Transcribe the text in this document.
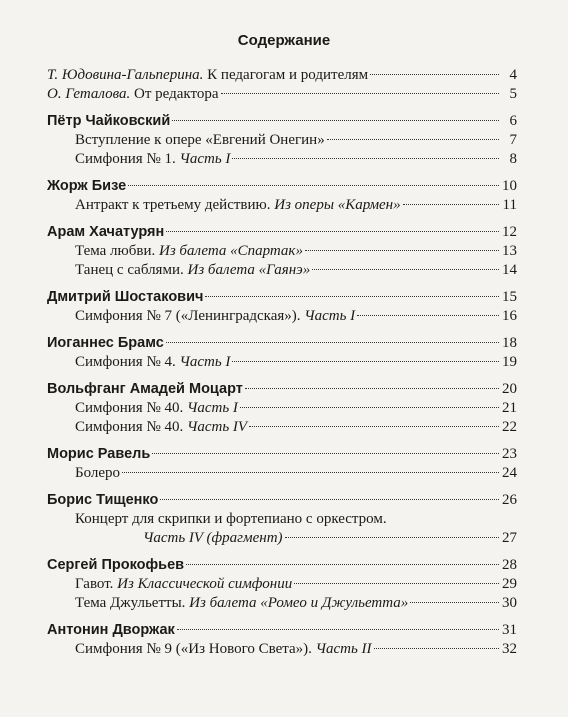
Содержание
Т. Юдовина-Гальперина. К педагогам и родителям	4
О. Геталова. От редактора	5
Пётр Чайковский	6
Вступление к опере «Евгений Онегин»	7
Симфония № 1. Часть I	8
Жорж Бизе	10
Антракт к третьему действию. Из оперы «Кармен»	11
Арам Хачатурян	12
Тема любви. Из балета «Спартак»	13
Танец с саблями. Из балета «Гаянэ»	14
Дмитрий Шостакович	15
Симфония № 7 («Ленинградская»). Часть I	16
Иоганнес Брамс	18
Симфония № 4. Часть I	19
Вольфганг Амадей Моцарт	20
Симфония № 40. Часть I	21
Симфония № 40. Часть IV	22
Морис Равель	23
Болеро	24
Борис Тищенко	26
Концерт для скрипки и фортепиано с оркестром.
Часть IV (фрагмент)	27
Сергей Прокофьев	28
Гавот. Из Классической симфонии	29
Тема Джульетты. Из балета «Ромео и Джульетта»	30
Антонин Дворжак	31
Симфония № 9 («Из Нового Света»). Часть II	32
